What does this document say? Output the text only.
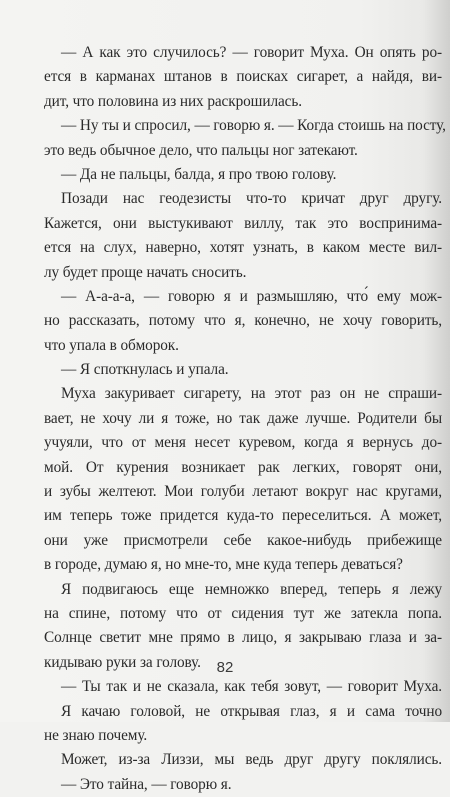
— А как это случилось? — говорит Муха. Он опять ро-
ется в карманах штанов в поисках сигарет, а найдя, ви-
дит, что половина из них раскрошилась.
— Ну ты и спросил, — говорю я. — Когда стоишь на посту,
это ведь обычное дело, что пальцы ног затекают.
— Да не пальцы, балда, я про твою голову.
Позади нас геодезисты что-то кричат друг другу.
Кажется, они выстукивают виллу, так это воспринима-
ется на слух, наверно, хотят узнать, в каком месте вил-
лу будет проще начать сносить.
— А-а-а-а, — говорю я и размышляю, что́ ему мож-
но рассказать, потому что я, конечно, не хочу говорить,
что упала в обморок.
— Я споткнулась и упала.
Муха закуривает сигарету, на этот раз он не спраши-
вает, не хочу ли я тоже, но так даже лучше. Родители бы
учуяли, что от меня несет куревом, когда я вернусь до-
мой. От курения возникает рак легких, говорят они,
и зубы желтеют. Мои голуби летают вокруг нас кругами,
им теперь тоже придется куда-то переселиться. А может,
они уже присмотрели себе какое-нибудь прибежище
в городе, думаю я, но мне-то, мне куда теперь деваться?
Я подвигаюсь еще немножко вперед, теперь я лежу
на спине, потому что от сидения тут же затекла попа.
Солнце светит мне прямо в лицо, я закрываю глаза и за-
кидываю руки за голову.
— Ты так и не сказала, как тебя зовут, — говорит Муха.
Я качаю головой, не открывая глаз, я и сама точно
не знаю почему.
Может, из-за Лиззи, мы ведь друг другу поклялись.
— Это тайна, — говорю я.
82
